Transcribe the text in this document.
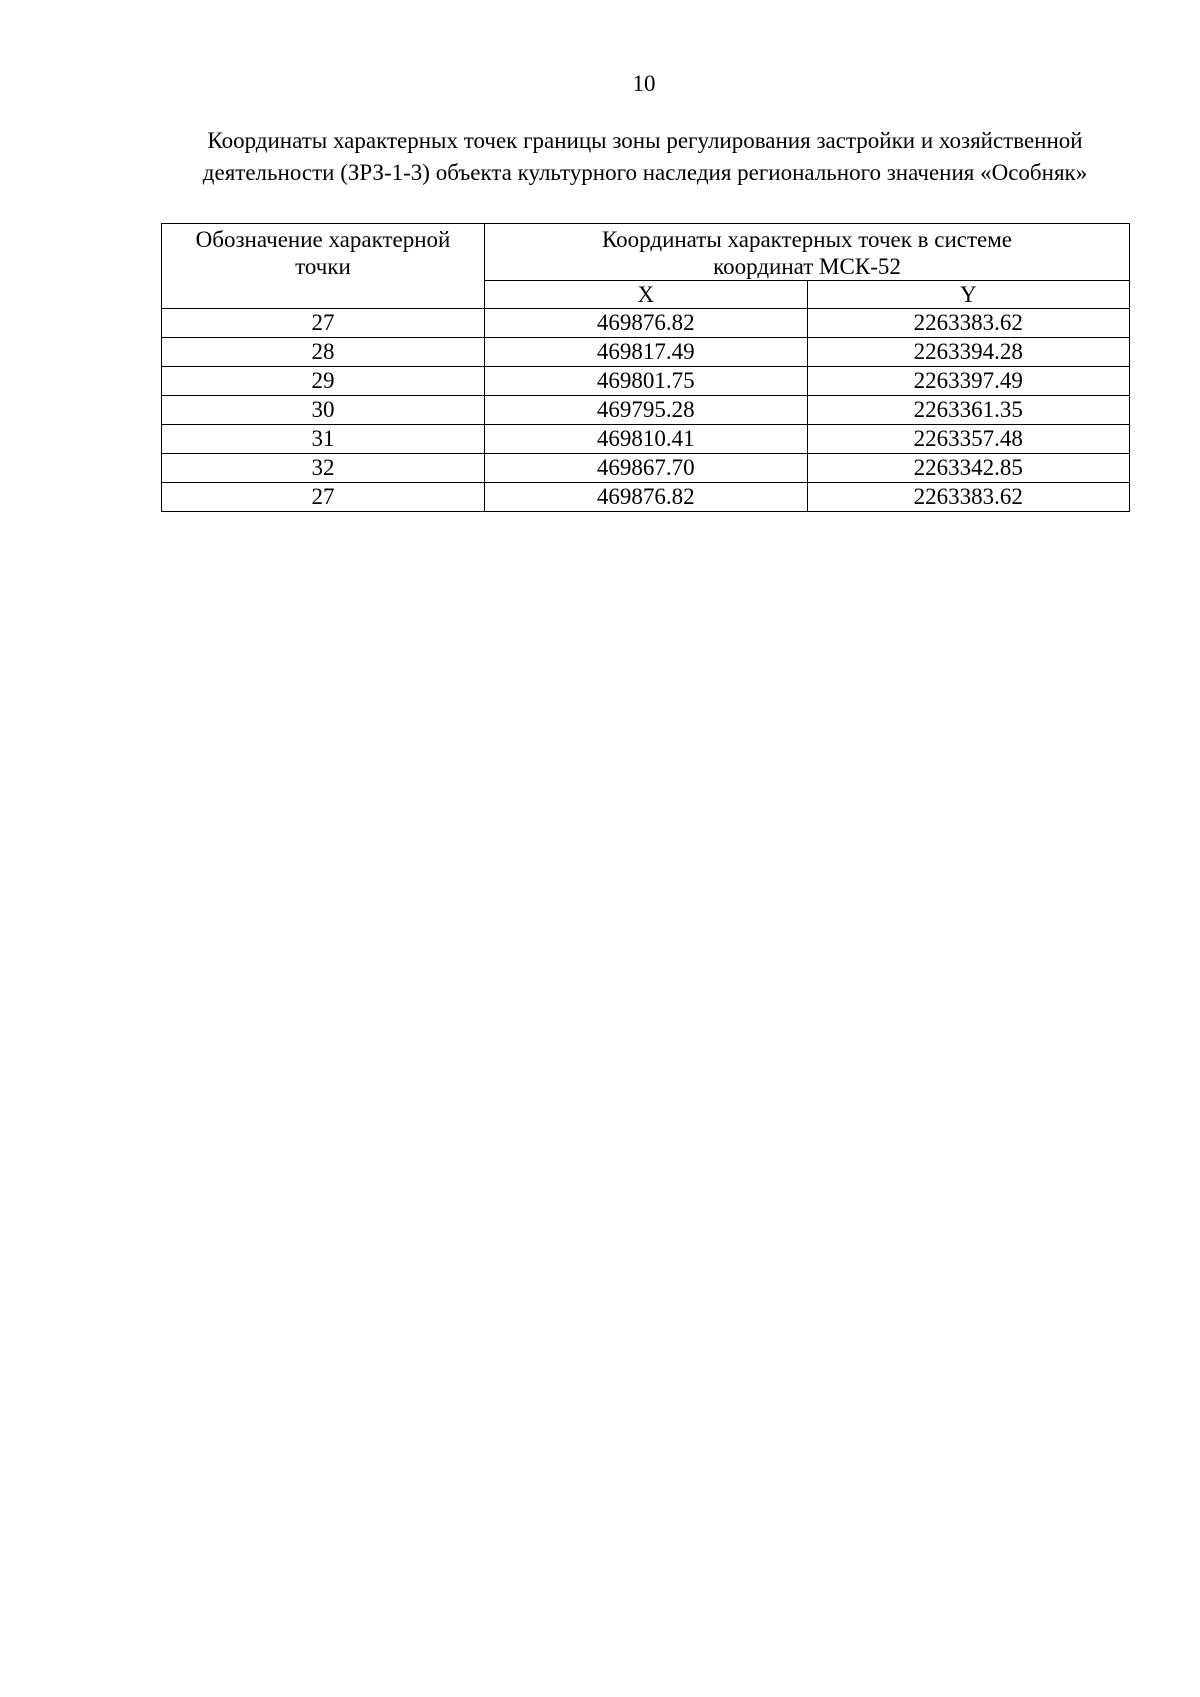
10
Координаты характерных точек границы зоны регулирования застройки и хозяйственной
деятельности (ЗРЗ-1-3) объекта культурного наследия регионального значения «Особняк»
Обозначение характерной
точки	Координаты характерных точек в системе
координат МСК-52	

	X	Y
27	469876.82	2263383.62
28	469817.49	2263394.28
29	469801.75	2263397.49
30	469795.28	2263361.35
31	469810.41	2263357.48
32	469867.70	2263342.85
27	469876.82	2263383.62
